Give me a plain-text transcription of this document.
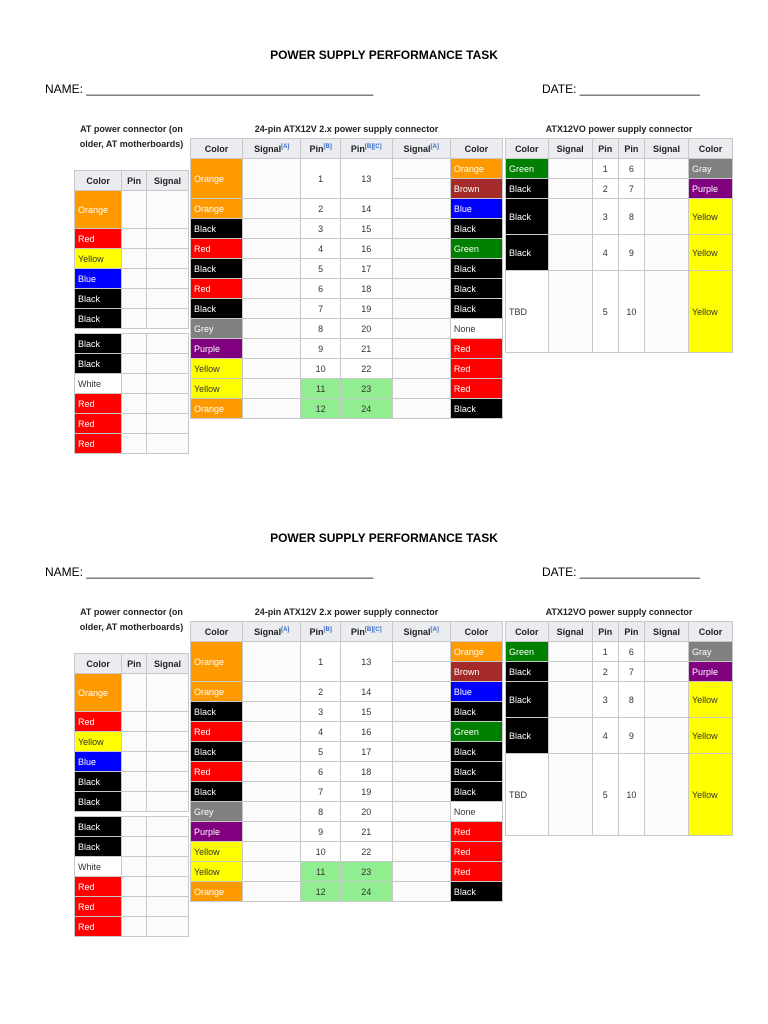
POWER SUPPLY PERFORMANCE TASK
NAME: ___________________________________________	DATE: __________________
AT power connector (on older, AT motherboards)
Color	Pin	Signal
Orange		
Red		
Yellow		
Blue		
Black		
Black		

Black		
Black		
White		
Red		
Red		
Red		
24-pin ATX12V 2.x power supply connector
Color	Signal[A]	Pin[B]	Pin[B][C]	Signal[A]	Color
Orange		1	13		Orange
					Brown
Orange		2	14		Blue
Black		3	15		Black
Red		4	16		Green
Black		5	17		Black
Red		6	18		Black
Black		7	19		Black
Grey		8	20		None
Purple		9	21		Red
Yellow		10	22		Red
Yellow		11	23		Red
Orange		12	24		Black

ATX12VO power supply connector
Color	Signal	Pin	Pin	Signal	Color
Green		1	6		Gray
Black		2	7		Purple
Black		3	8		Yellow
Black		4	9		Yellow
TBD		5	10		Yellow
POWER SUPPLY PERFORMANCE TASK
NAME: ___________________________________________	DATE: __________________
AT power connector (on older, AT motherboards)
Color	Pin	Signal
Orange		
Red		
Yellow		
Blue		
Black		
Black		

Black		
Black		
White		
Red		
Red		
Red		
24-pin ATX12V 2.x power supply connector
Color	Signal[A]	Pin[B]	Pin[B][C]	Signal[A]	Color
Orange		1	13		Orange
					Brown
Orange		2	14		Blue
Black		3	15		Black
Red		4	16		Green
Black		5	17		Black
Red		6	18		Black
Black		7	19		Black
Grey		8	20		None
Purple		9	21		Red
Yellow		10	22		Red
Yellow		11	23		Red
Orange		12	24		Black

ATX12VO power supply connector
Color	Signal	Pin	Pin	Signal	Color
Green		1	6		Gray
Black		2	7		Purple
Black		3	8		Yellow
Black		4	9		Yellow
TBD		5	10		Yellow
